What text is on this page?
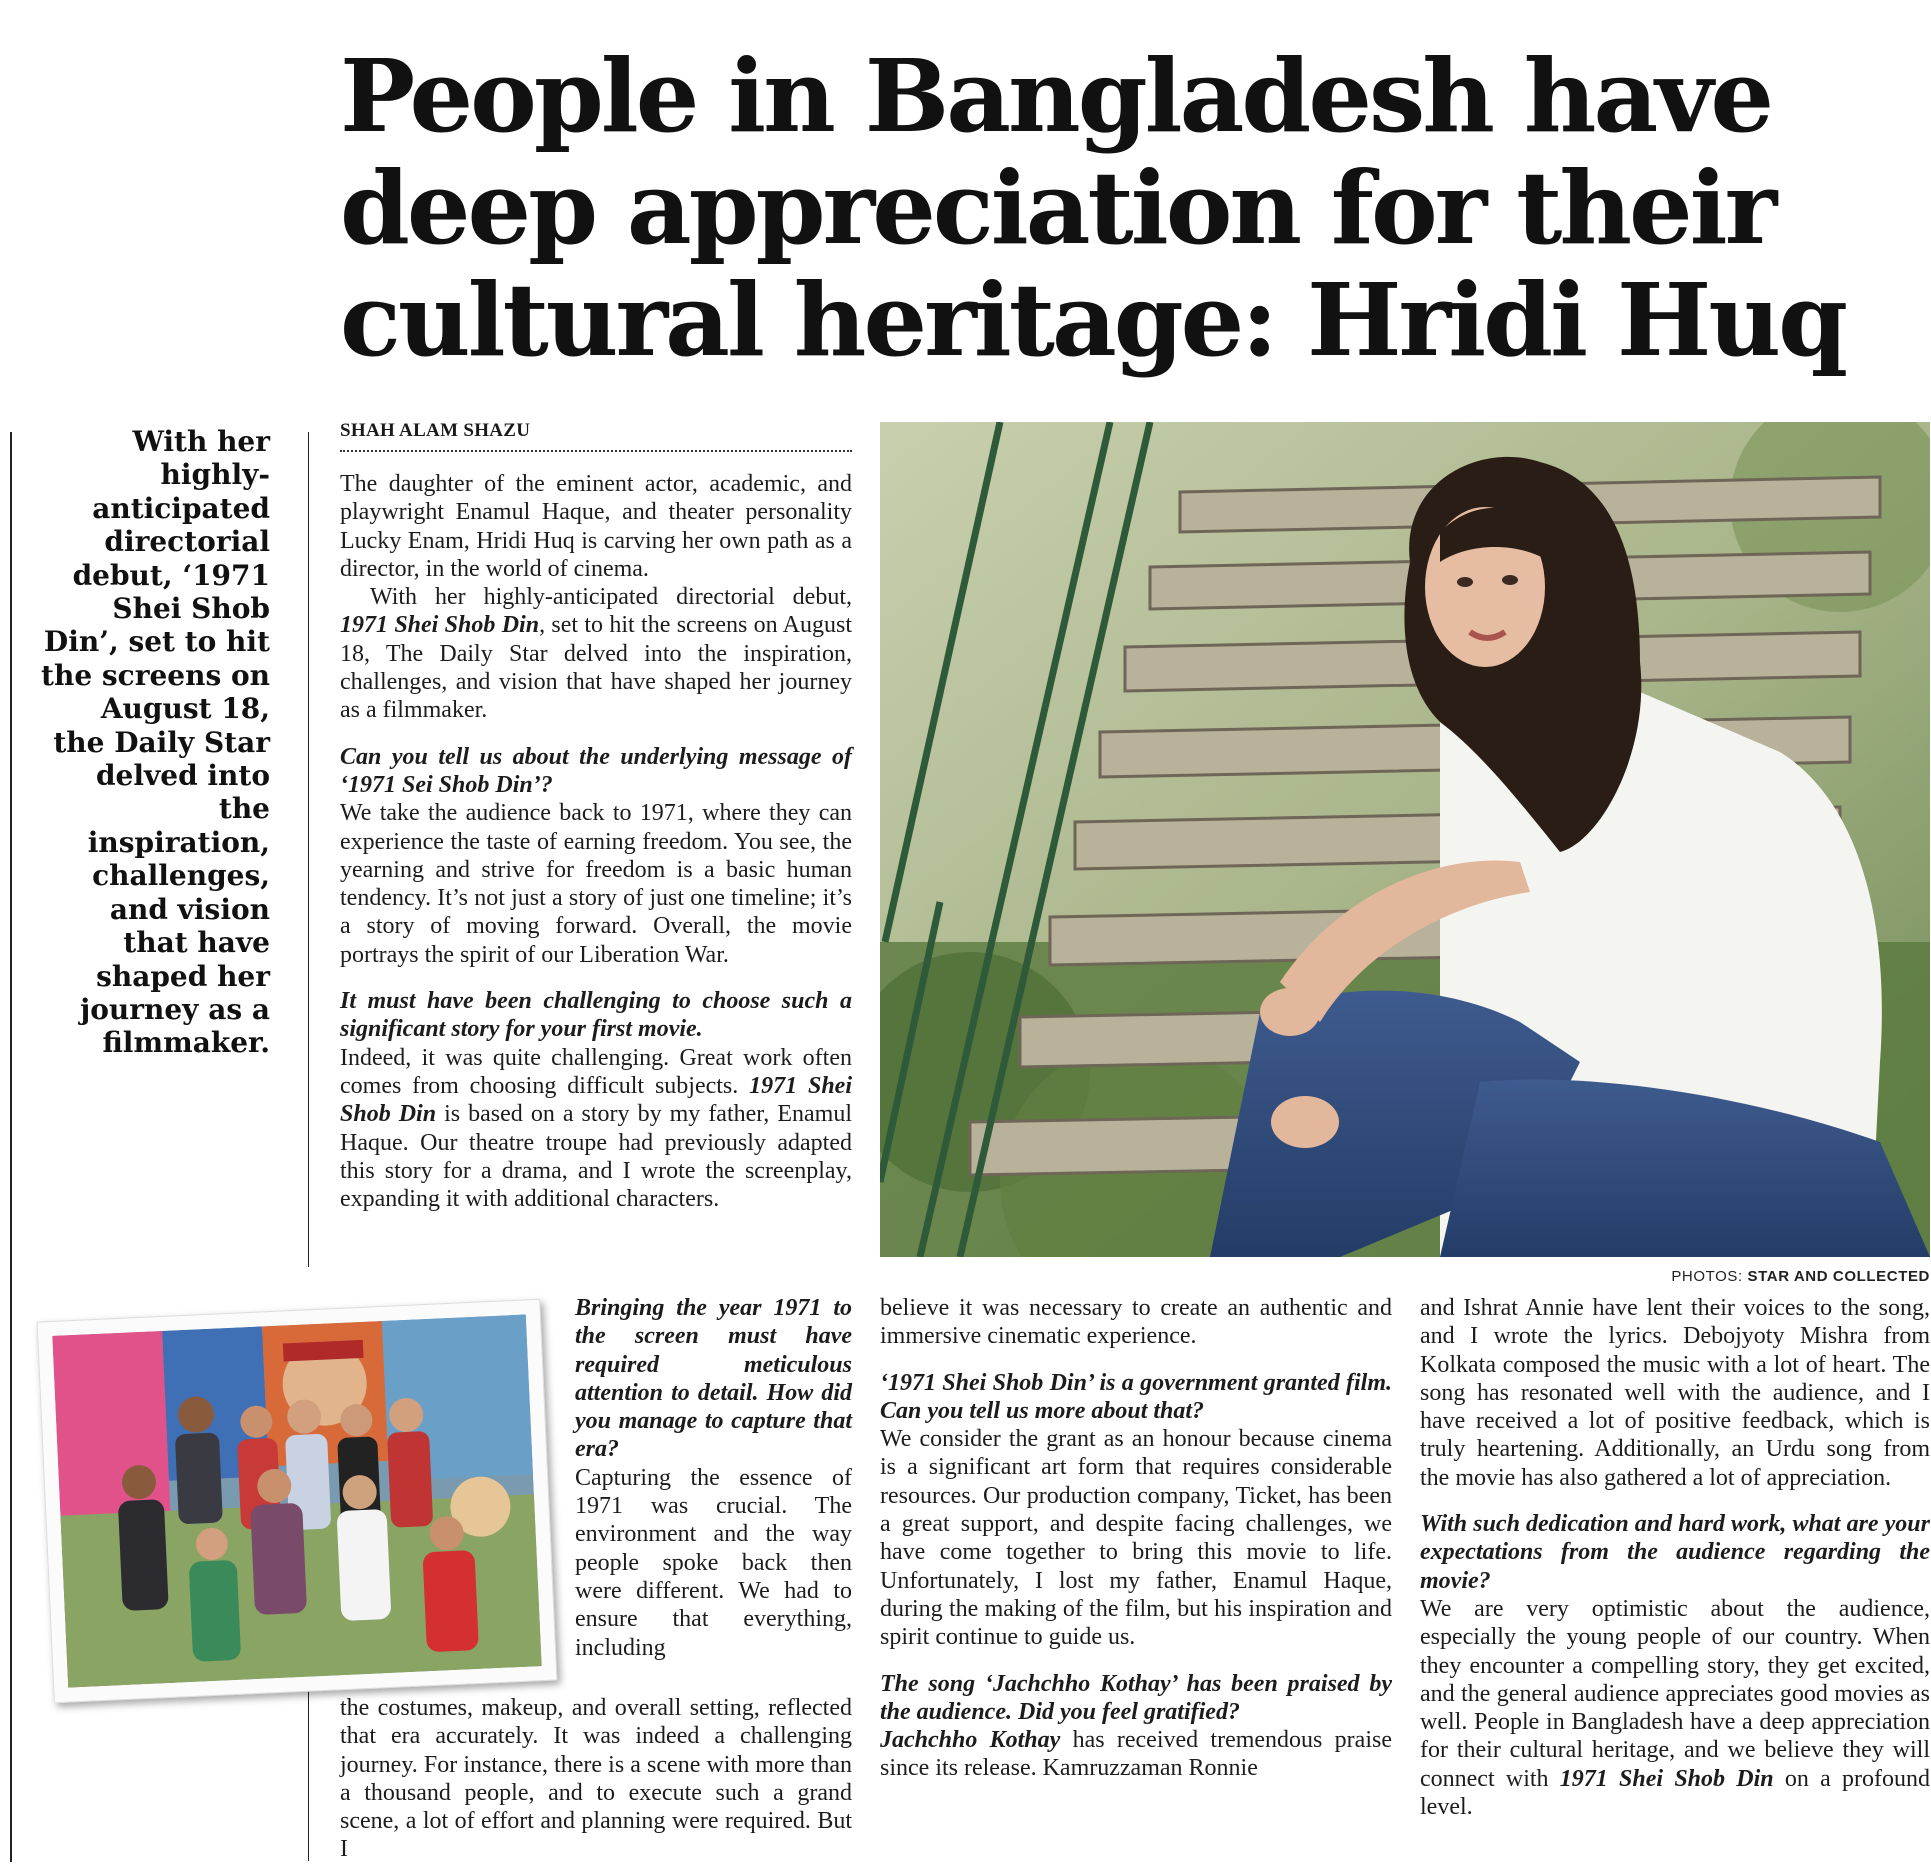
People in Bangladesh have
deep appreciation for their
cultural heritage: Hridi Huq
With her highly-anticipated directorial debut, ‘1971 Shei Shob Din’, set to hit the screens on August 18, the Daily Star delved into the inspiration, challenges, and vision that have shaped her journey as a filmmaker.
SHAH ALAM SHAZU

The daughter of the eminent actor, academic, and playwright Enamul Haque, and theater personality Lucky Enam, Hridi Huq is carving her own path as a director, in the world of cinema.

With her highly-anticipated directorial debut, 1971 Shei Shob Din, set to hit the screens on August 18, The Daily Star delved into the inspiration, challenges, and vision that have shaped her journey as a filmmaker.

Can you tell us about the underlying message of ‘1971 Sei Shob Din’?

We take the audience back to 1971, where they can experience the taste of earning freedom. You see, the yearning and strive for freedom is a basic human tendency. It’s not just a story of just one timeline; it’s a story of moving forward. Overall, the movie portrays the spirit of our Liberation War.

It must have been challenging to choose such a significant story for your first movie.

Indeed, it was quite challenging. Great work often comes from choosing difficult subjects. 1971 Shei Shob Din is based on a story by my father, Enamul Haque. Our theatre troupe had previously adapted this story for a drama, and I wrote the screenplay, expanding it with additional characters.

Bringing the year 1971 to the screen must have required meticulous attention to detail. How did you manage to capture that era?

Capturing the essence of 1971 was crucial. The environment and the way people spoke back then were different. We had to ensure that everything, including

the costumes, makeup, and overall setting, reflected that era accurately. It was indeed a challenging journey. For instance, there is a scene with more than a thousand people, and to execute such a grand scene, a lot of effort and planning were required. But I

believe it was necessary to create an authentic and immersive cinematic experience.

‘1971 Shei Shob Din’ is a government granted film. Can you tell us more about that?

We consider the grant as an honour because cinema is a significant art form that requires considerable resources. Our production company, Ticket, has been a great support, and despite facing challenges, we have come together to bring this movie to life. Unfortunately, I lost my father, Enamul Haque, during the making of the film, but his inspiration and spirit continue to guide us.

The song ‘Jachchho Kothay’ has been praised by the audience. Did you feel gratified?

Jachchho Kothay has received tremendous praise since its release. Kamruzzaman Ronnie

and Ishrat Annie have lent their voices to the song, and I wrote the lyrics. Debojyoty Mishra from Kolkata composed the music with a lot of heart. The song has resonated well with the audience, and I have received a lot of positive feedback, which is truly heartening. Additionally, an Urdu song from the movie has also gathered a lot of appreciation.

With such dedication and hard work, what are your expectations from the audience regarding the movie?

We are very optimistic about the audience, especially the young people of our country. When they encounter a compelling story, they get excited, and the general audience appreciates good movies as well. People in Bangladesh have a deep appreciation for their cultural heritage, and we believe they will connect with 1971 Shei Shob Din on a profound level.

PHOTOS: STAR AND COLLECTED
